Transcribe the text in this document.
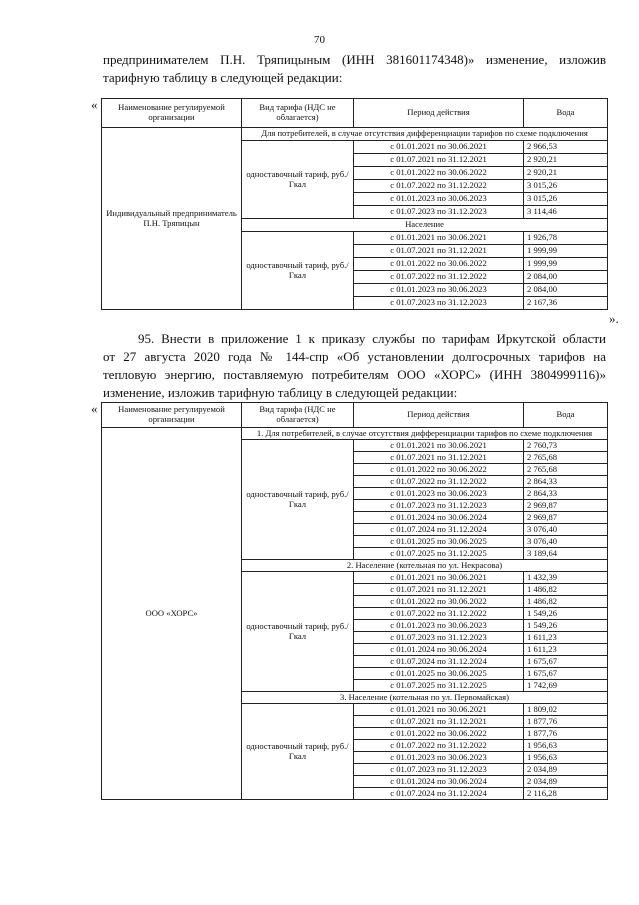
70
предпринимателем П.Н. Тряпицыным (ИНН 381601174348)» изменение, изложив
тарифную таблицу в следующей редакции:
« Наименование регулируемой организации	Вид тарифа (НДС не облагается)	Период действия	Вода
Индивидуальный предприниматель П.Н. Тряпицын	Для потребителей, в случае отсутствия дифференциации тарифов по схеме подключения		
	одноставочный тариф, руб./Гкал	с 01.01.2021 по 30.06.2021	2 966,53
		с 01.07.2021 по 31.12.2021	2 920,21
		с 01.01.2022 по 30.06.2022	2 920,21
		с 01.07.2022 по 31.12.2022	3 015,26
		с 01.01.2023 по 30.06.2023	3 015,26
		с 01.07.2023 по 31.12.2023	3 114,46
	Население		
	одноставочный тариф, руб./Гкал	с 01.01.2021 по 30.06.2021	1 926,78
		с 01.07.2021 по 31.12.2021	1 999,99
		с 01.01.2022 по 30.06.2022	1 999,99
		с 01.07.2022 по 31.12.2022	2 084,00
		с 01.01.2023 по 30.06.2023	2 084,00
		с 01.07.2023 по 31.12.2023	2 167,36
».
95. Внести в приложение 1 к приказу службы по тарифам Иркутской области
от 27 августа 2020 года № 144-спр «Об установлении долгосрочных тарифов на
тепловую энергию, поставляемую потребителям ООО «ХОРС» (ИНН 3804999116)»
изменение, изложив тарифную таблицу в следующей редакции:
« Наименование регулируемой организации	Вид тарифа (НДС не облагается)	Период действия	Вода
ООО «ХОРС»	1. Для потребителей, в случае отсутствия дифференциации тарифов по схеме подключения		
	одноставочный тариф, руб./Гкал	с 01.01.2021 по 30.06.2021	2 760,73
		с 01.07.2021 по 31.12.2021	2 765,68
		с 01.01.2022 по 30.06.2022	2 765,68
		с 01.07.2022 по 31.12.2022	2 864,33
		с 01.01.2023 по 30.06.2023	2 864,33
		с 01.07.2023 по 31.12.2023	2 969,87
		с 01.01.2024 по 30.06.2024	2 969,87
		с 01.07.2024 по 31.12.2024	3 076,40
		с 01.01.2025 по 30.06.2025	3 076,40
		с 01.07.2025 по 31.12.2025	3 189,64
	2. Население (котельная по ул. Некрасова)		
	одноставочный тариф, руб./Гкал	с 01.01.2021 по 30.06.2021	1 432,39
		с 01.07.2021 по 31.12.2021	1 486,82
		с 01.01.2022 по 30.06.2022	1 486,82
		с 01.07.2022 по 31.12.2022	1 549,26
		с 01.01.2023 по 30.06.2023	1 549,26
		с 01.07.2023 по 31.12.2023	1 611,23
		с 01.01.2024 по 30.06.2024	1 611,23
		с 01.07.2024 по 31.12.2024	1 675,67
		с 01.01.2025 по 30.06.2025	1 675,67
		с 01.07.2025 по 31.12.2025	1 742,69
	3. Население (котельная по ул. Первомайская)		
	одноставочный тариф, руб./Гкал	с 01.01.2021 по 30.06.2021	1 809,02
		с 01.07.2021 по 31.12.2021	1 877,76
		с 01.01.2022 по 30.06.2022	1 877,76
		с 01.07.2022 по 31.12.2022	1 956,63
		с 01.01.2023 по 30.06.2023	1 956,63
		с 01.07.2023 по 31.12.2023	2 034,89
		с 01.01.2024 по 30.06.2024	2 034,89
		с 01.07.2024 по 31.12.2024	2 116,28
